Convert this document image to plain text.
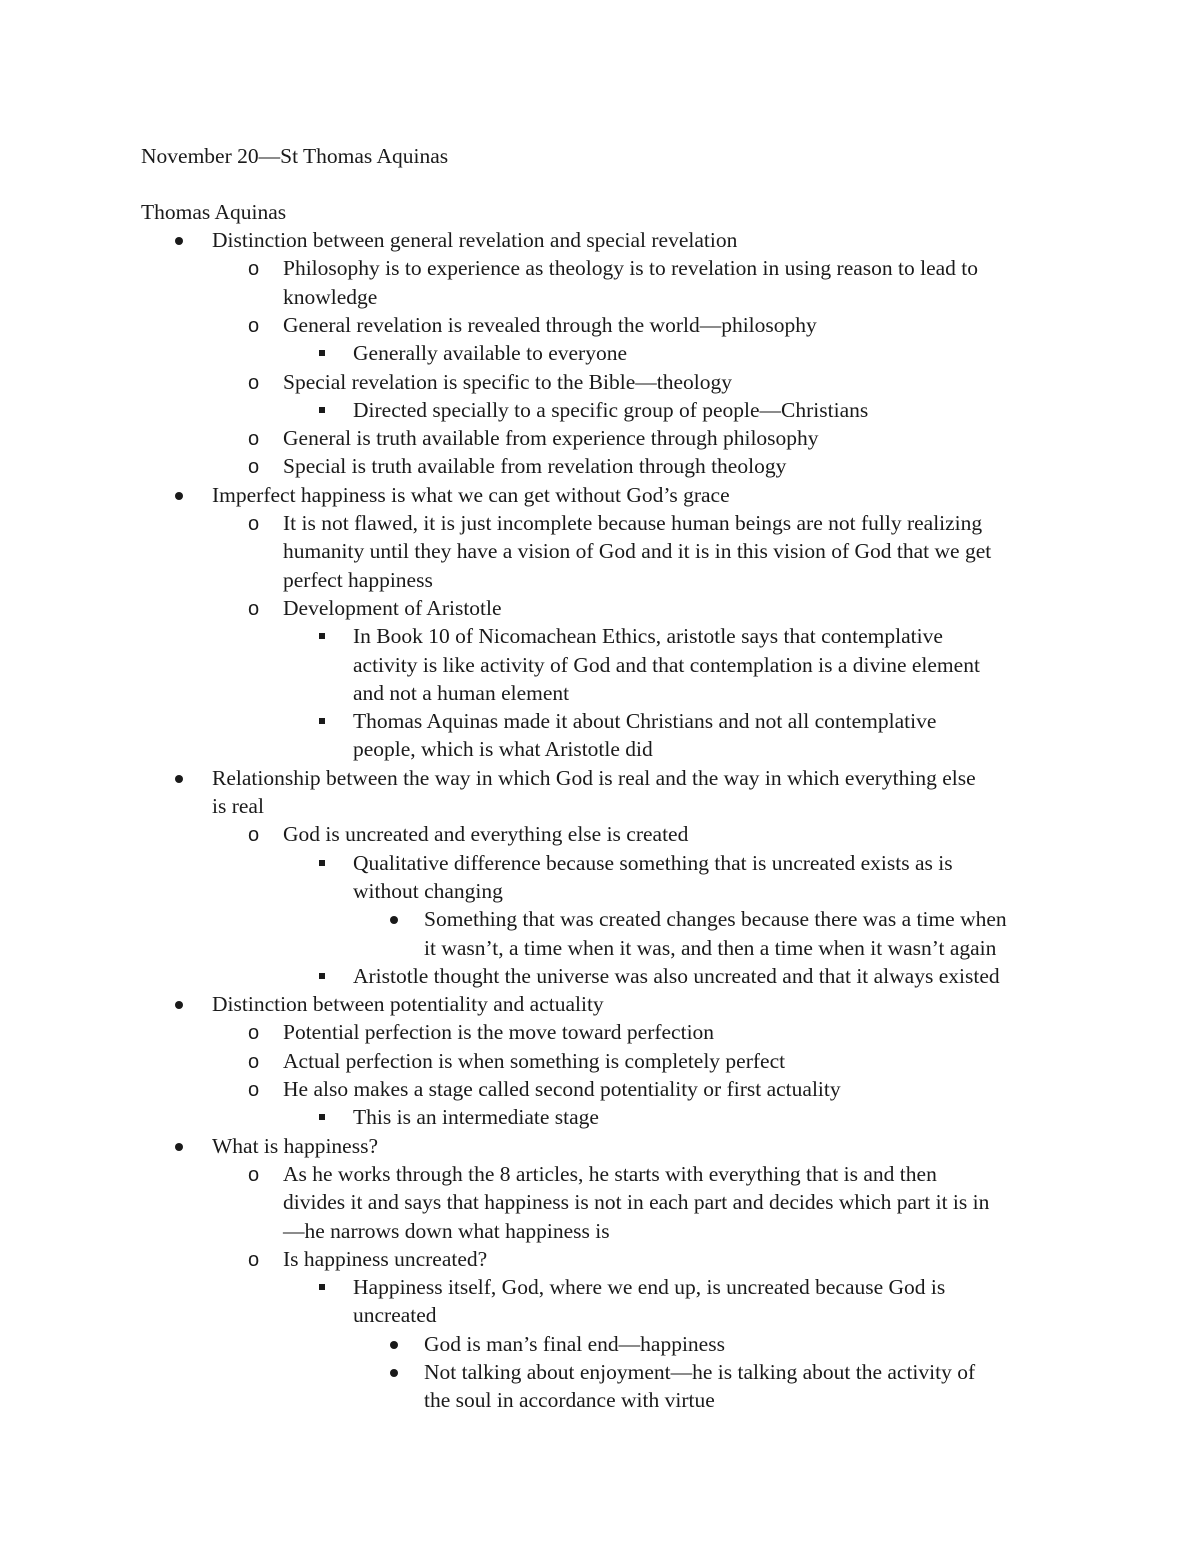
November 20—St Thomas Aquinas

Thomas Aquinas

Distinction between general revelation and special revelation

o Philosophy is to experience as theology is to revelation in using reason to lead to

knowledge

o General revelation is revealed through the world—philosophy

Generally available to everyone

o Special revelation is specific to the Bible—theology

Directed specially to a specific group of people—Christians

o General is truth available from experience through philosophy

o Special is truth available from revelation through theology

Imperfect happiness is what we can get without God’s grace

o It is not flawed, it is just incomplete because human beings are not fully realizing

humanity until they have a vision of God and it is in this vision of God that we get

perfect happiness

o Development of Aristotle

In Book 10 of Nicomachean Ethics, aristotle says that contemplative

activity is like activity of God and that contemplation is a divine element

and not a human element

Thomas Aquinas made it about Christians and not all contemplative

people, which is what Aristotle did

Relationship between the way in which God is real and the way in which everything else

is real

o God is uncreated and everything else is created

Qualitative difference because something that is uncreated exists as is

without changing

Something that was created changes because there was a time when

it wasn’t, a time when it was, and then a time when it wasn’t again

Aristotle thought the universe was also uncreated and that it always existed

Distinction between potentiality and actuality

o Potential perfection is the move toward perfection

o Actual perfection is when something is completely perfect

o He also makes a stage called second potentiality or first actuality

This is an intermediate stage

What is happiness?

o As he works through the 8 articles, he starts with everything that is and then

divides it and says that happiness is not in each part and decides which part it is in

—he narrows down what happiness is

o Is happiness uncreated?

Happiness itself, God, where we end up, is uncreated because God is

uncreated

God is man’s final end—happiness

Not talking about enjoyment—he is talking about the activity of

the soul in accordance with virtue
